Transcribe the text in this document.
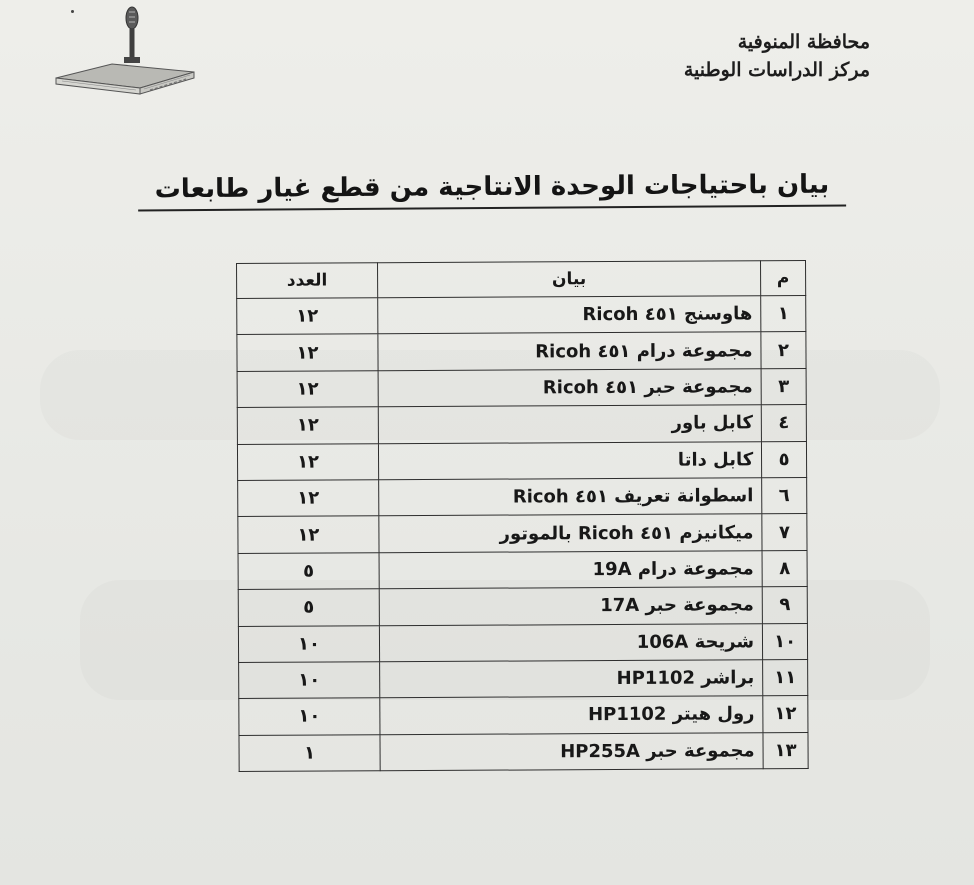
محافظة المنوفية
مركز الدراسات الوطنية
بيان باحتياجات الوحدة الانتاجية من قطع غيار طابعات
م	بيان	العدد
١	هاوسنج ٤٥١ Ricoh	١٢
٢	مجموعة درام ٤٥١ Ricoh	١٢
٣	مجموعة حبر ٤٥١ Ricoh	١٢
٤	كابل باور	١٢
٥	كابل داتا	١٢
٦	اسطوانة تعريف ٤٥١ Ricoh	١٢
٧	ميكانيزم ٤٥١ Ricoh بالموتور	١٢
٨	مجموعة درام 19A	٥
٩	مجموعة حبر 17A	٥
١٠	شريحة 106A	١٠
١١	براشر HP1102	١٠
١٢	رول هيتر HP1102	١٠
١٣	مجموعة حبر HP255A	١
